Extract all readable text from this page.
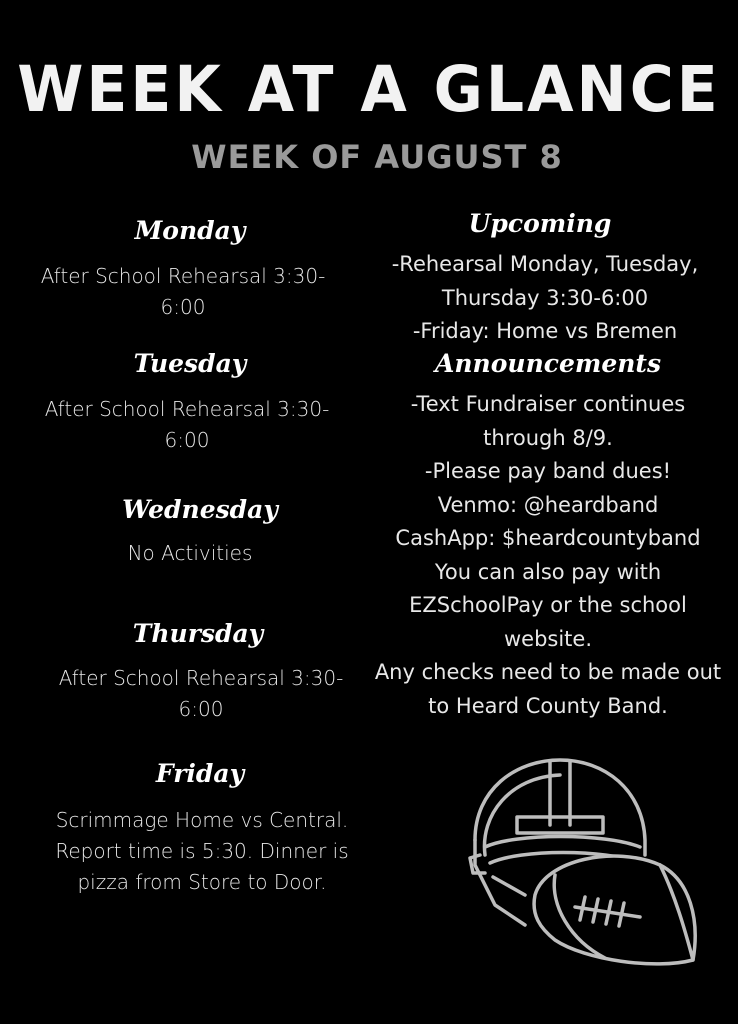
WEEK AT A GLANCE
WEEK OF AUGUST 8
Monday
After School Rehearsal 3:30-6:00
Tuesday
After School Rehearsal 3:30-6:00
Wednesday
No Activities
Thursday
After School Rehearsal 3:30-6:00
Friday
Scrimmage Home vs Central. Report time is 5:30. Dinner is pizza from Store to Door.
Upcoming
-Rehearsal Monday, Tuesday,
Thursday 3:30-6:00
-Friday: Home vs Bremen
Announcements
-Text Fundraiser continues
through 8/9.
-Please pay band dues!
Venmo: @heardband
CashApp: $heardcountyband
You can also pay with
EZSchoolPay or the school
website.
Any checks need to be made out
to Heard County Band.
